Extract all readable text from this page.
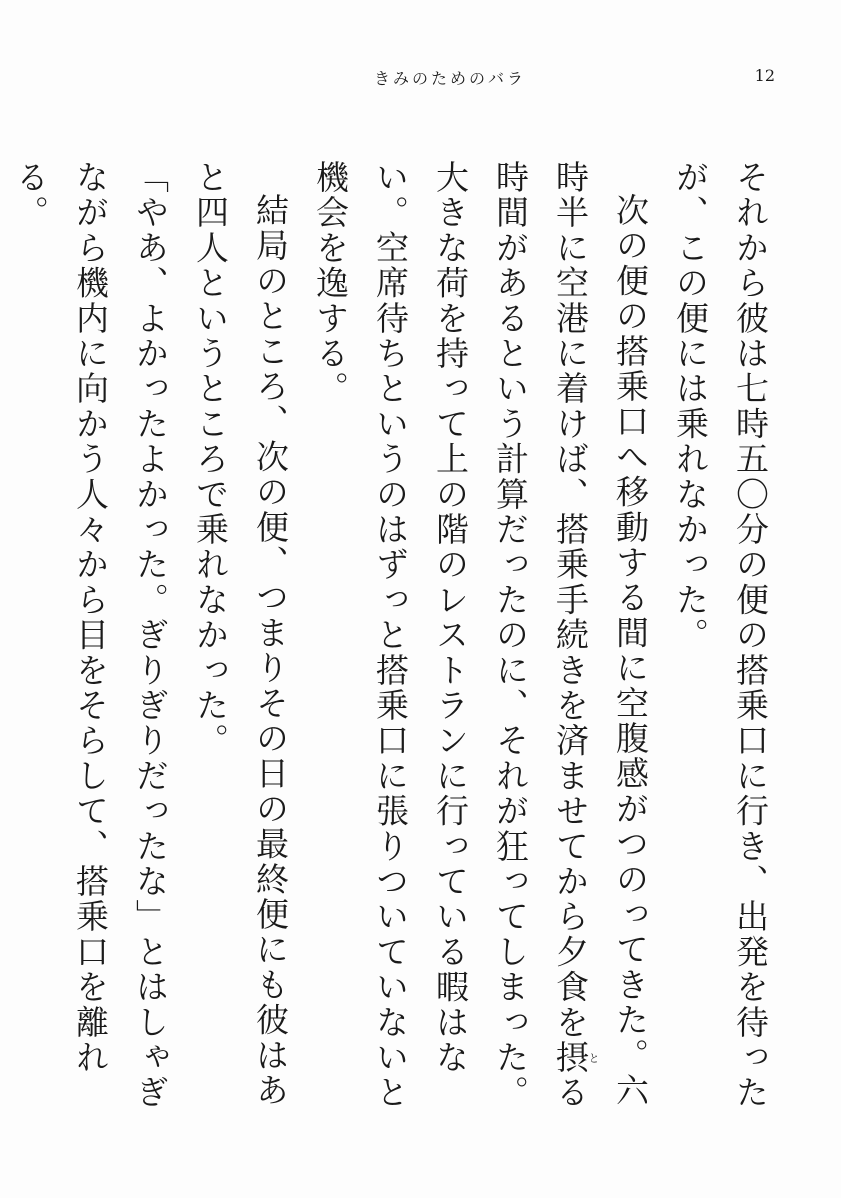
きみのためのバラ	12

それから彼は七時五〇分の便の搭乗口に行き、出発を待ったが、この便には乗れなかった。

次の便の搭乗口へ移動する間に空腹感がつのってきた。六時半に空港に着けば、搭乗手続きを済ませてから夕食を摂とる時間があるという計算だったのに、それが狂ってしまった。大きな荷を持って上の階のレストランに行っている暇はない。空席待ちというのはずっと搭乗口に張りついていないと機会を逸する。

結局のところ、次の便、つまりその日の最終便にも彼はあと四人というところで乗れなかった。

「やあ、よかったよかった。ぎりぎりだったな」とはしゃぎながら機内に向かう人々から目をそらして、搭乗口を離れる。
